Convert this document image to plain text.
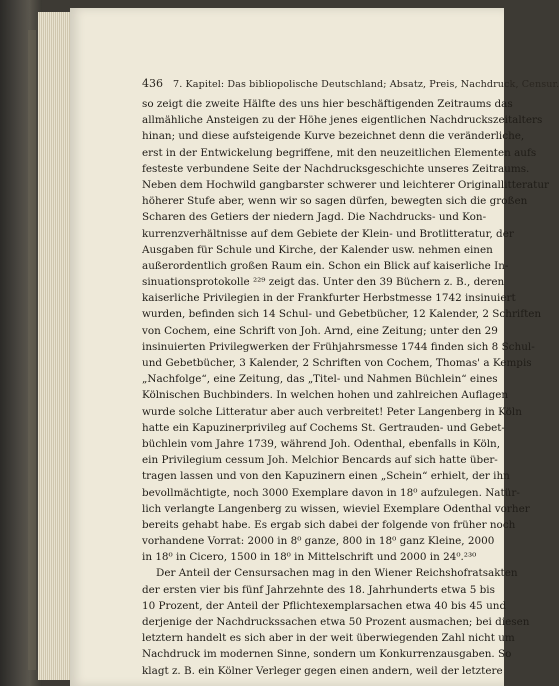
436 7. Kapitel: Das bibliopolische Deutschland; Absatz, Preis, Nachdruck, Censur.
so zeigt die zweite Hälfte des uns hier beschäftigenden Zeitraums das
allmähliche Ansteigen zu der Höhe jenes eigentlichen Nachdruckszeitalters
hinan; und diese aufsteigende Kurve bezeichnet denn die veränderliche,
erst in der Entwickelung begriffene, mit den neuzeitlichen Elementen aufs
festeste verbundene Seite der Nachdrucksgeschichte unseres Zeitraums.
Neben dem Hochwild gangbarster schwerer und leichterer Originallitteratur
höherer Stufe aber, wenn wir so sagen dürfen, bewegten sich die großen
Scharen des Getiers der niedern Jagd. Die Nachdrucks- und Kon-
kurrenzverhältnisse auf dem Gebiete der Klein- und Brotlitteratur, der
Ausgaben für Schule und Kirche, der Kalender usw. nehmen einen
außerordentlich großen Raum ein. Schon ein Blick auf kaiserliche In-
sinuationsprotokolle ²²⁹ zeigt das. Unter den 39 Büchern z. B., deren
kaiserliche Privilegien in der Frankfurter Herbstmesse 1742 insinuiert
wurden, befinden sich 14 Schul- und Gebetbücher, 12 Kalender, 2 Schriften
von Cochem, eine Schrift von Joh. Arnd, eine Zeitung; unter den 29
insinuierten Privilegwerken der Frühjahrsmesse 1744 finden sich 8 Schul-
und Gebetbücher, 3 Kalender, 2 Schriften von Cochem, Thomas' a Kempis
„Nachfolge“, eine Zeitung, das „Titel- und Nahmen Büchlein“ eines
Kölnischen Buchbinders. In welchen hohen und zahlreichen Auflagen
wurde solche Litteratur aber auch verbreitet! Peter Langenberg in Köln
hatte ein Kapuzinerprivileg auf Cochems St. Gertrauden- und Gebet-
büchlein vom Jahre 1739, während Joh. Odenthal, ebenfalls in Köln,
ein Privilegium cessum Joh. Melchior Bencards auf sich hatte über-
tragen lassen und von den Kapuzinern einen „Schein“ erhielt, der ihn
bevollmächtigte, noch 3000 Exemplare davon in 18⁰ aufzulegen. Natür-
lich verlangte Langenberg zu wissen, wieviel Exemplare Odenthal vorher
bereits gehabt habe. Es ergab sich dabei der folgende von früher noch
vorhandene Vorrat: 2000 in 8⁰ ganze, 800 in 18⁰ ganz Kleine, 2000
in 18⁰ in Cicero, 1500 in 18⁰ in Mittelschrift und 2000 in 24⁰.²³⁰
Der Anteil der Censursachen mag in den Wiener Reichshofratsakten
der ersten vier bis fünf Jahrzehnte des 18. Jahrhunderts etwa 5 bis
10 Prozent, der Anteil der Pflichtexemplarsachen etwa 40 bis 45 und
derjenige der Nachdruckssachen etwa 50 Prozent ausmachen; bei diesen
letztern handelt es sich aber in der weit überwiegenden Zahl nicht um
Nachdruck im modernen Sinne, sondern um Konkurrenzausgaben. So
klagt z. B. ein Kölner Verleger gegen einen andern, weil der letztere
